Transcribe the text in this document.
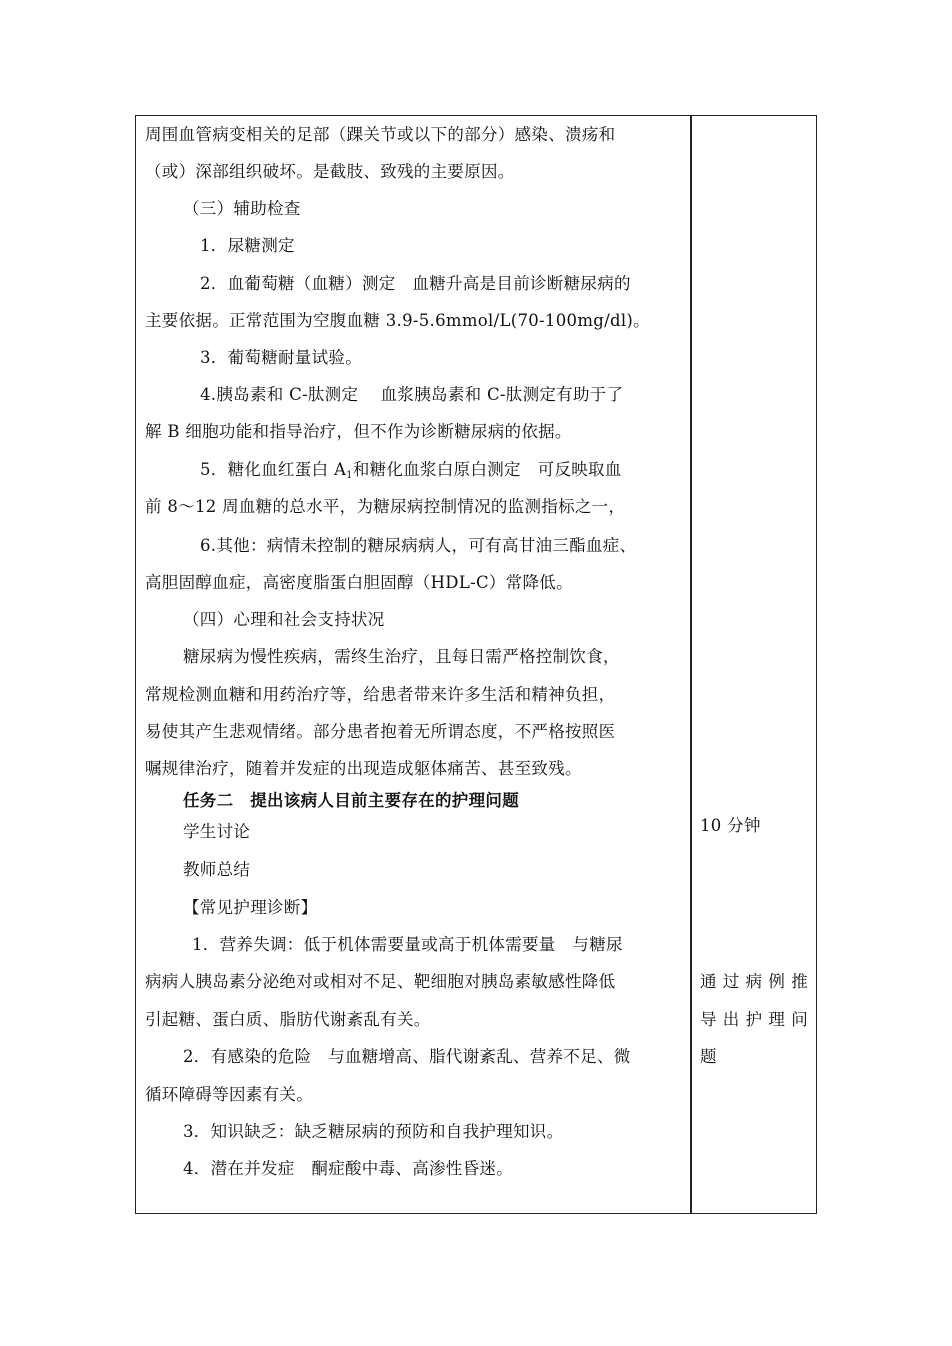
周围血管病变相关的足部（踝关节或以下的部分）感染、溃疡和
（或）深部组织破坏。是截肢、致残的主要原因。
（三）辅助检查
1．尿糖测定
2．血葡萄糖（血糖）测定　血糖升高是目前诊断糖尿病的
主要依据。正常范围为空腹血糖 3.9-5.6mmol/L(70-100mg/dl)。
3．葡萄糖耐量试验。
4.胰岛素和 C-肽测定　 血浆胰岛素和 C-肽测定有助于了
解 B 细胞功能和指导治疗，但不作为诊断糖尿病的依据。
5．糖化血红蛋白 $A_1$和糖化血浆白原白测定　可反映取血
前 8～12 周血糖的总水平，为糖尿病控制情况的监测指标之一，
6.其他：病情未控制的糖尿病病人，可有高甘油三酯血症、
高胆固醇血症，高密度脂蛋白胆固醇（HDL-C）常降低。
（四）心理和社会支持状况
糖尿病为慢性疾病，需终生治疗，且每日需严格控制饮食，
常规检测血糖和用药治疗等，给患者带来许多生活和精神负担，
易使其产生悲观情绪。部分患者抱着无所谓态度，不严格按照医
嘱规律治疗，随着并发症的出现造成躯体痛苦、甚至致残。
任务二　提出该病人目前主要存在的护理问题
学生讨论
教师总结
【常见护理诊断】
1．营养失调：低于机体需要量或高于机体需要量　与糖尿
病病人胰岛素分泌绝对或相对不足、靶细胞对胰岛素敏感性降低
引起糖、蛋白质、脂肪代谢紊乱有关。
2．有感染的危险　与血糖增高、脂代谢紊乱、营养不足、微
循环障碍等因素有关。
3．知识缺乏：缺乏糖尿病的预防和自我护理知识。
4．潜在并发症　酮症酸中毒、高渗性昏迷。
10 分钟
通过病例推
导出护理问
题
